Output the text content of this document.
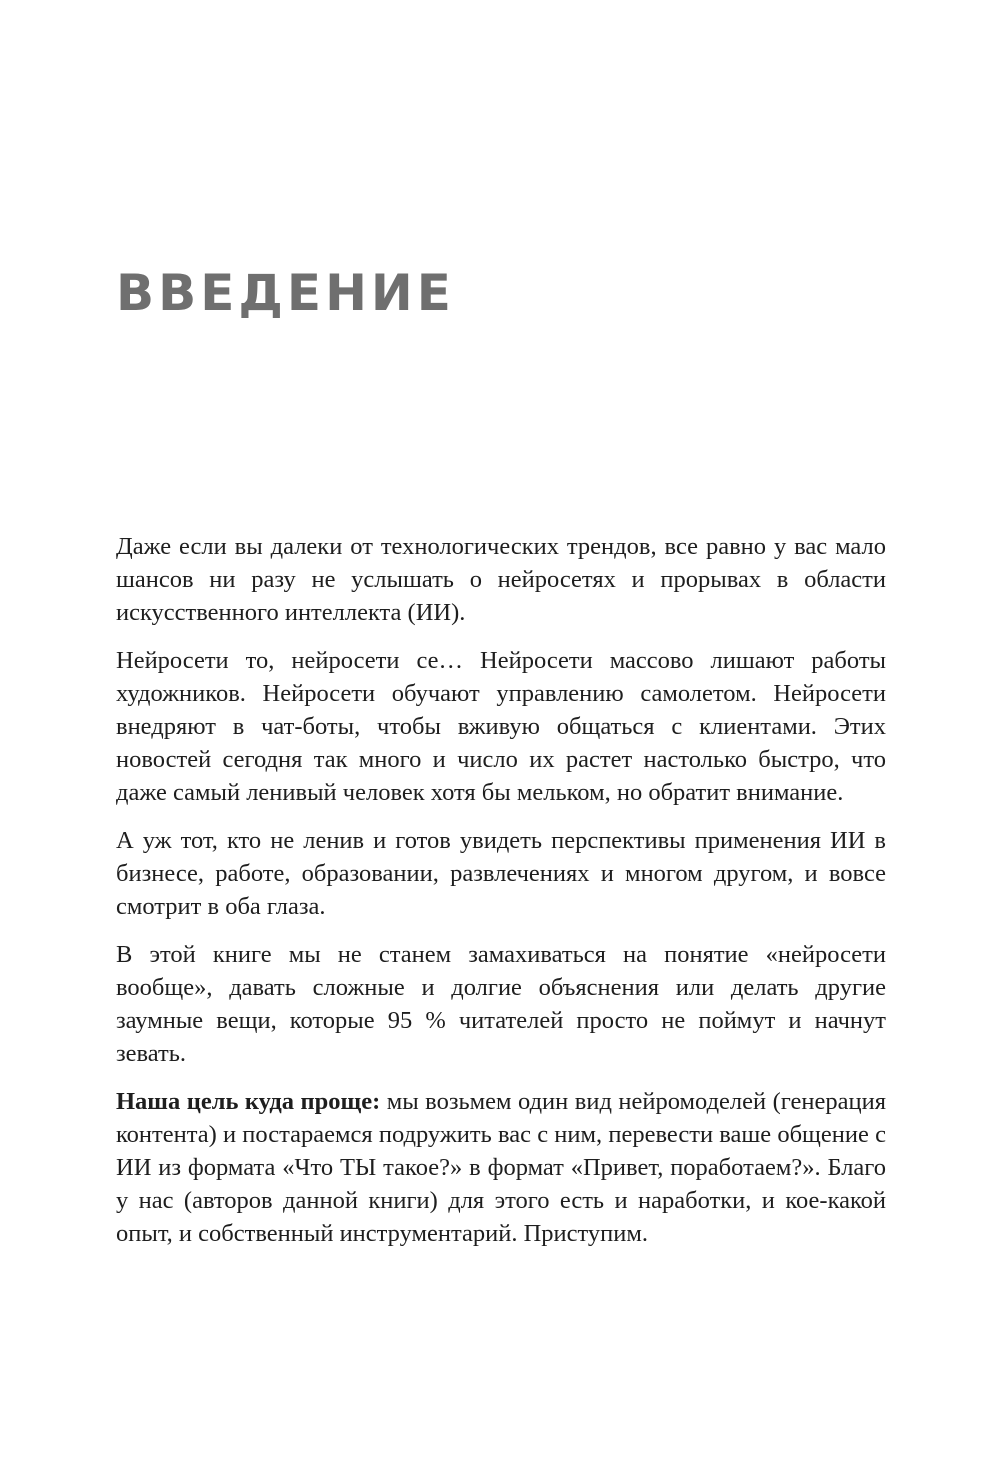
ВВЕДЕНИЕ

Даже если вы далеки от технологических трендов, все равно у вас мало шансов ни разу не услышать о нейросетях и прорывах в области искусственного интеллекта (ИИ).

Нейросети то, нейросети се… Нейросети массово лишают работы художников. Нейросети обучают управлению самолетом. Нейросети внедряют в чат-боты, чтобы вживую общаться с клиентами. Этих новостей сегодня так много и число их растет настолько быстро, что даже самый ленивый человек хотя бы мельком, но обратит внимание.

А уж тот, кто не ленив и готов увидеть перспективы применения ИИ в бизнесе, работе, образовании, развлечениях и многом другом, и вовсе смотрит в оба глаза.

В этой книге мы не станем замахиваться на понятие «нейросети вообще», давать сложные и долгие объяснения или делать другие заумные вещи, которые 95 % читателей просто не поймут и начнут зевать.

Наша цель куда проще: мы возьмем один вид нейромоделей (генерация контента) и постараемся подружить вас с ним, перевести ваше общение с ИИ из формата «Что ТЫ такое?» в формат «Привет, поработаем?». Благо у нас (авторов данной книги) для этого есть и наработки, и кое-какой опыт, и собственный инструментарий. Приступим.
